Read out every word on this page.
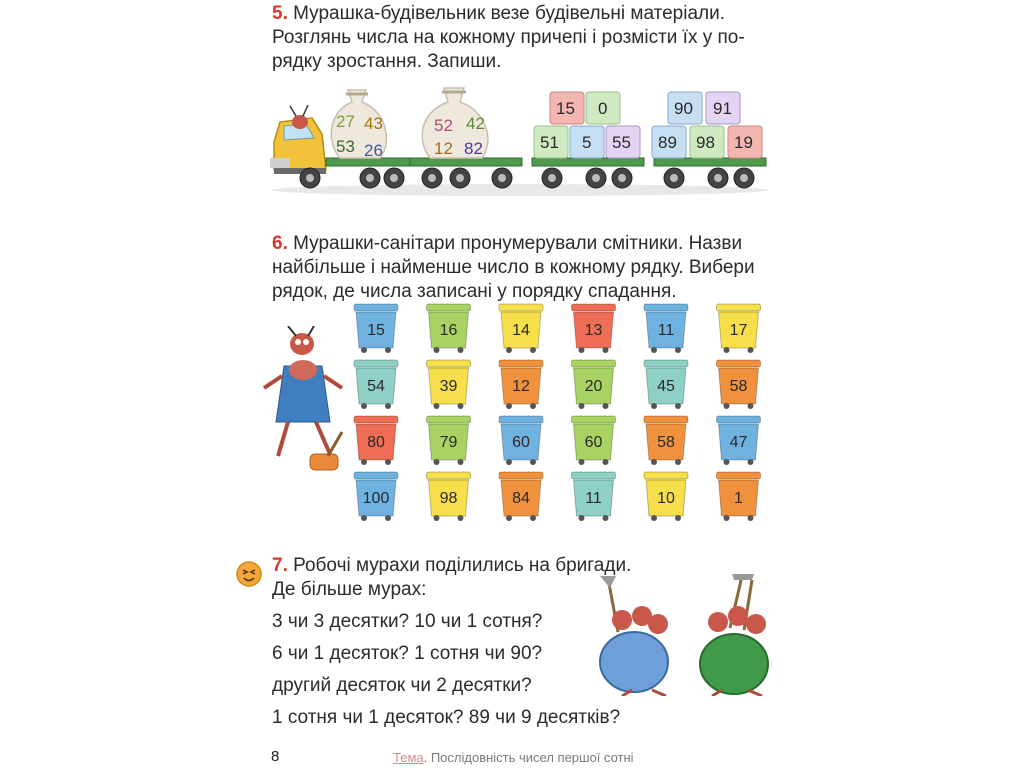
5. Мурашка-будівельник везе будівельні матеріали.

Розглянь числа на кожному причепі і розмісти їх у по-

рядку зростання. Запиши.

27 43
53 26
52 42
12 82
15 0
51 5 55
90 91
89 98 19

6. Мурашки-санітари пронумерували смітники. Назви

найбільше і найменше число в кожному рядку. Вибери

рядок, де числа записані у порядку спадання.

15	16	14	13	11	17
54	39	12	20	45	58
80	79	60	60	58	47
100	98	84	11	10	1

7. Робочі мурахи поділились на бригади.

Де більше мурах:

3 чи 3 десятки? 10 чи 1 сотня?

6 чи 1 десяток? 1 сотня чи 90?

другий десяток чи 2 десятки?

1 сотня чи 1 десяток? 89 чи 9 десятків?

8	Тема. Послідовність чисел першої сотні
